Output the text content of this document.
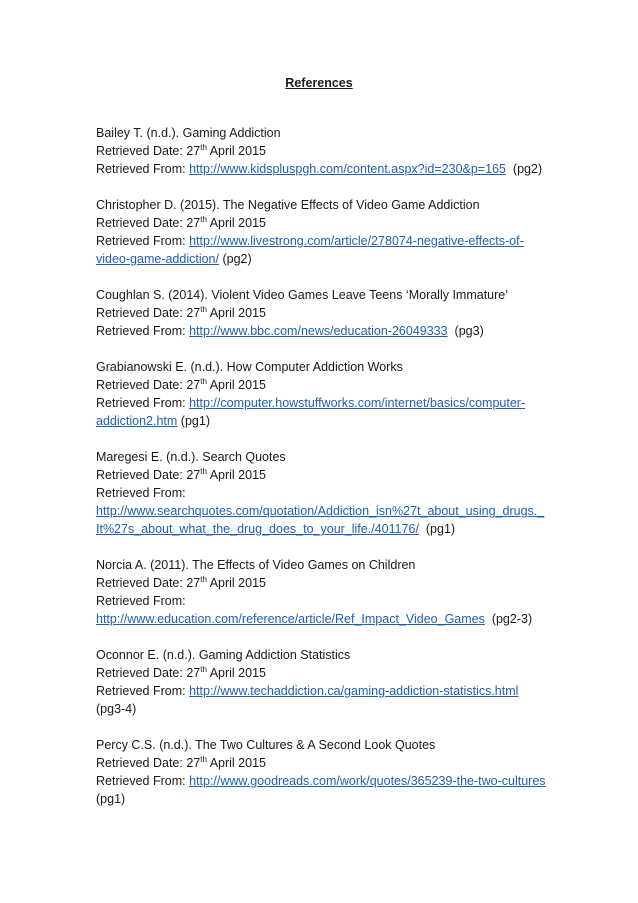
References

Bailey T. (n.d.). Gaming Addiction

Retrieved Date: 27th April 2015

Retrieved From: http://www.kidspluspgh.com/content.aspx?id=230&p=165 (pg2)

Christopher D. (2015). The Negative Effects of Video Game Addiction

Retrieved Date: 27th April 2015

Retrieved From: http://www.livestrong.com/article/278074-negative-effects-of-

video-game-addiction/ (pg2)

Coughlan S. (2014). Violent Video Games Leave Teens ‘Morally Immature’

Retrieved Date: 27th April 2015

Retrieved From: http://www.bbc.com/news/education-26049333 (pg3)

Grabianowski E. (n.d.). How Computer Addiction Works

Retrieved Date: 27th April 2015

Retrieved From: http://computer.howstuffworks.com/internet/basics/computer-

addiction2.htm (pg1)

Maregesi E. (n.d.). Search Quotes

Retrieved Date: 27th April 2015

Retrieved From:

http://www.searchquotes.com/quotation/Addiction_isn%27t_about_using_drugs._

It%27s_about_what_the_drug_does_to_your_life./401176/ (pg1)

Norcia A. (2011). The Effects of Video Games on Children

Retrieved Date: 27th April 2015

Retrieved From:

http://www.education.com/reference/article/Ref_Impact_Video_Games (pg2-3)

Oconnor E. (n.d.). Gaming Addiction Statistics

Retrieved Date: 27th April 2015

Retrieved From: http://www.techaddiction.ca/gaming-addiction-statistics.html

(pg3-4)

Percy C.S. (n.d.). The Two Cultures & A Second Look Quotes

Retrieved Date: 27th April 2015

Retrieved From: http://www.goodreads.com/work/quotes/365239-the-two-cultures

(pg1)
